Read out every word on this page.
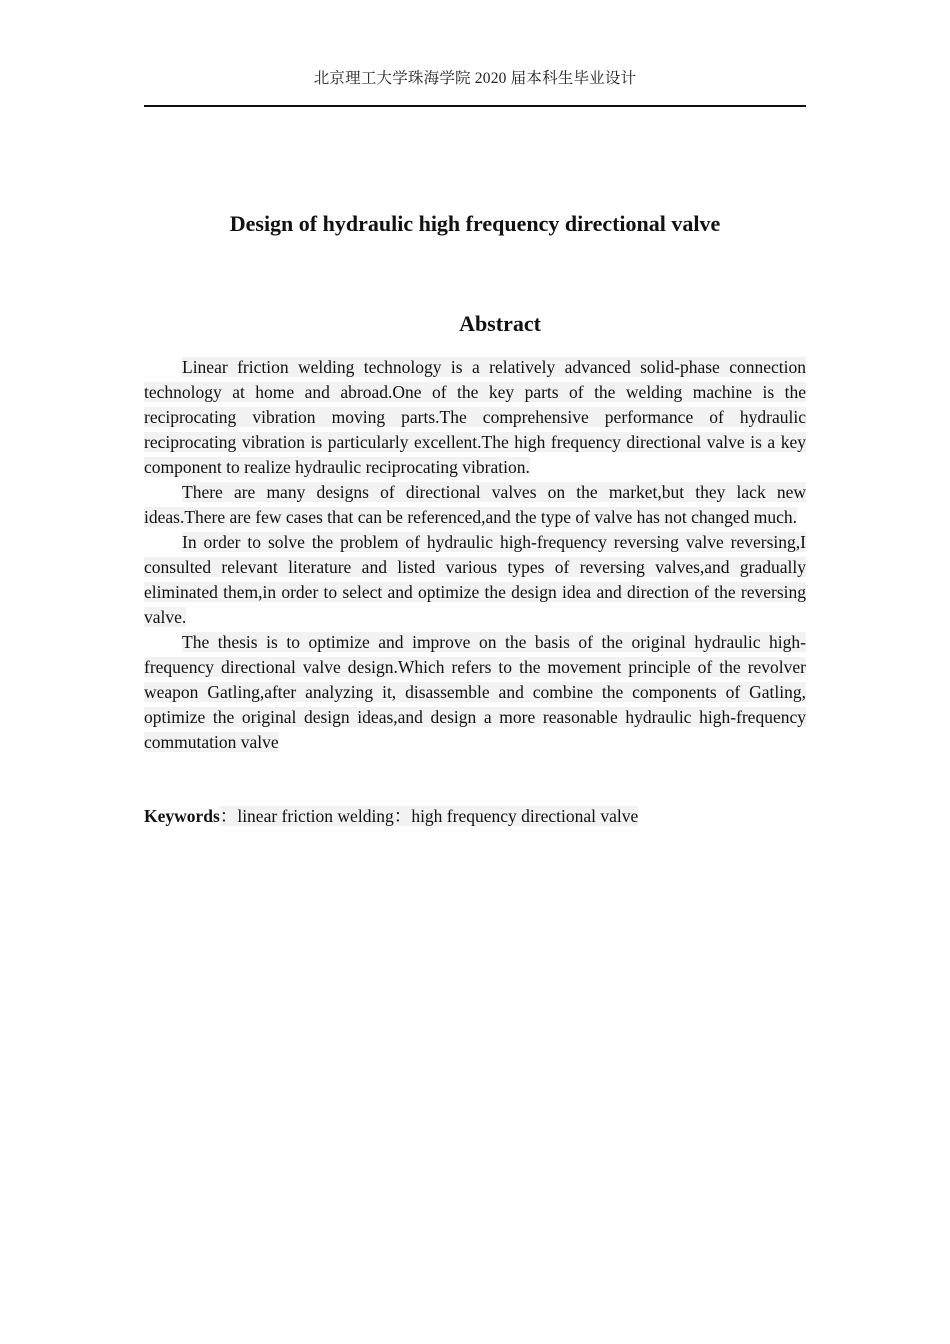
北京理工大学珠海学院 2020 届本科生毕业设计
Design of hydraulic high frequency directional valve
Abstract

Linear friction welding technology is a relatively advanced solid-phase connection technology at home and abroad.One of the key parts of the welding machine is the reciprocating vibration moving parts.The comprehensive performance of hydraulic reciprocating vibration is particularly excellent.The high frequency directional valve is a key component to realize hydraulic reciprocating vibration.

There are many designs of directional valves on the market,but they lack new ideas.There are few cases that can be referenced,and the type of valve has not changed much.

In order to solve the problem of hydraulic high-frequency reversing valve reversing,I consulted relevant literature and listed various types of reversing valves,and gradually eliminated them,in order to select and optimize the design idea and direction of the reversing valve.

The thesis is to optimize and improve on the basis of the original hydraulic high-frequency directional valve design.Which refers to the movement principle of the revolver weapon Gatling,after analyzing it, disassemble and combine the components of Gatling, optimize the original design ideas,and design a more reasonable hydraulic high-frequency commutation valve

Keywords：linear friction welding：high frequency directional valve
